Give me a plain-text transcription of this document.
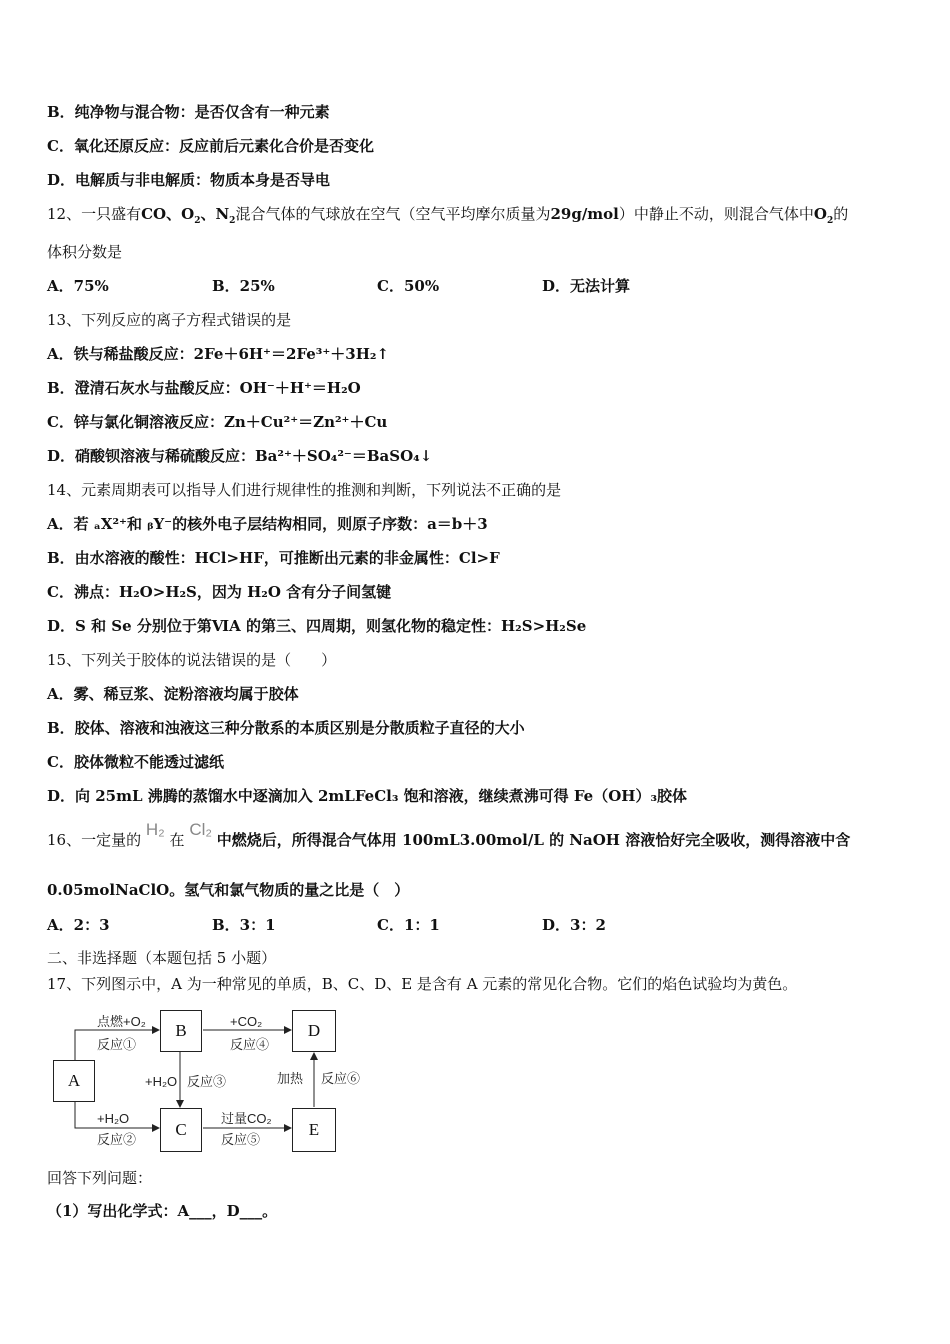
B．纯净物与混合物：是否仅含有一种元素
C．氧化还原反应：反应前后元素化合价是否变化
D．电解质与非电解质：物质本身是否导电
12、一只盛有CO、$O_2$、$N_2$混合气体的气球放在空气（空气平均摩尔质量为29g/mol）中静止不动，则混合气体中$O_2$的
体积分数是
A．75%	B．25%	C．50%	D．无法计算
13、下列反应的离子方程式错误的是
A．铁与稀盐酸反应：2Fe＋6H⁺＝2Fe³⁺＋3H₂↑
B．澄清石灰水与盐酸反应：OH⁻＋H⁺＝H₂O
C．锌与氯化铜溶液反应：Zn＋Cu²⁺＝Zn²⁺＋Cu
D．硝酸钡溶液与稀硫酸反应：Ba²⁺＋SO₄²⁻＝BaSO₄↓
14、元素周期表可以指导人们进行规律性的推测和判断，下列说法不正确的是
A．若 ₐX²⁺和 ᵦY⁻的核外电子层结构相同，则原子序数：a＝b＋3
B．由水溶液的酸性：HCl>HF，可推断出元素的非金属性：Cl>F
C．沸点：H₂O>H₂S，因为 H₂O 含有分子间氢键
D．S 和 Se 分别位于第ⅥA 的第三、四周期，则氢化物的稳定性：H₂S>H₂Se
15、下列关于胶体的说法错误的是（　　）
A．雾、稀豆浆、淀粉溶液均属于胶体
B．胶体、溶液和浊液这三种分散系的本质区别是分散质粒子直径的大小
C．胶体微粒不能透过滤纸
D．向 25mL 沸腾的蒸馏水中逐滴加入 2mLFeCl₃ 饱和溶液，继续煮沸可得 Fe（OH）₃胶体
16、一定量的 H₂ 在 Cl₂ 中燃烧后，所得混合气体用 100mL3.00mol/L 的 NaOH 溶液恰好完全吸收，测得溶液中含
0.05molNaClO。氢气和氯气物质的量之比是（　）
A．2：3	B．3：1	C．1：1	D．3：2
二、非选择题（本题包括 5 小题）
17、下列图示中，A 为一种常见的单质，B、C、D、E 是含有 A 元素的常见化合物。它们的焰色试验均为黄色。
点燃+O₂
反应①
+H₂O
反应②
+H₂O 反应③
+CO₂
反应④
过量CO₂
反应⑤
加热 反应⑥
A
B
C
D
E
回答下列问题：
（1）写出化学式：A___，D___。
